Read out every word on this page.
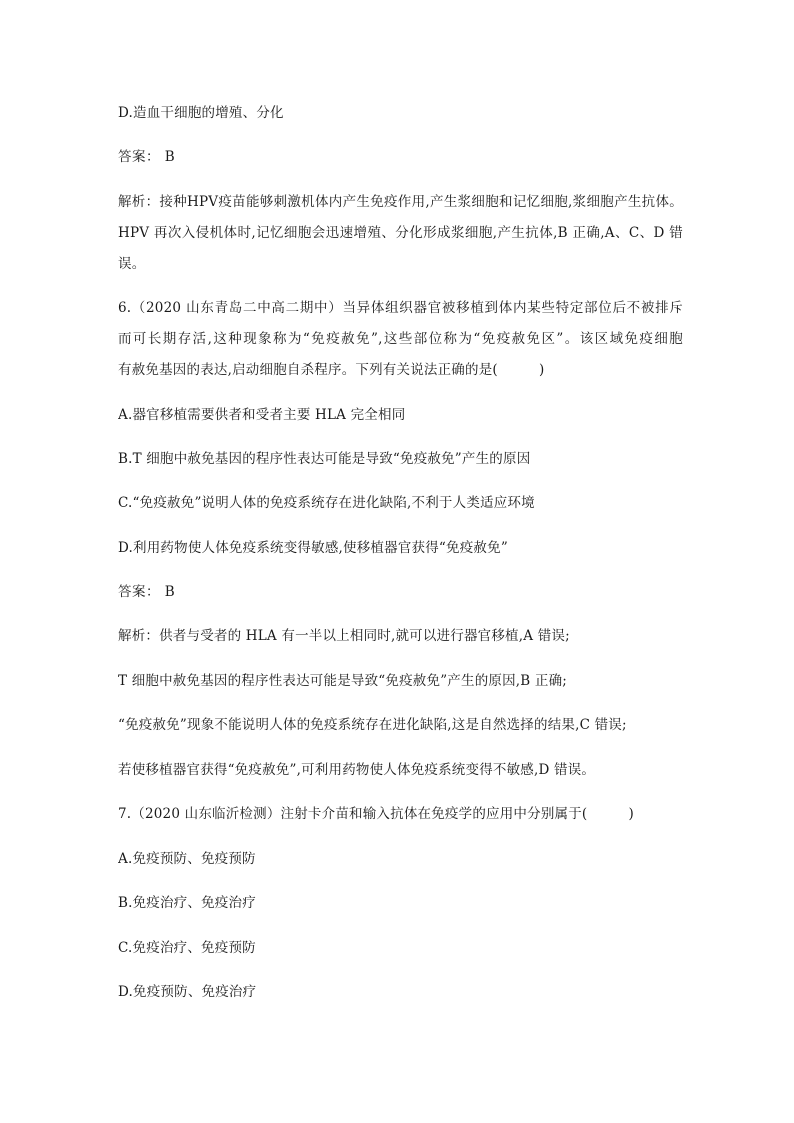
D.造血干细胞的增殖、分化
答案： B
解析：接种HPV疫苗能够刺激机体内产生免疫作用,产生浆细胞和记忆细胞,浆细胞产生抗体。
HPV 再次入侵机体时,记忆细胞会迅速增殖、分化形成浆细胞,产生抗体,B 正确,A、C、D 错
误。
6.（2020 山东青岛二中高二期中）当异体组织器官被移植到体内某些特定部位后不被排斥
而可长期存活,这种现象称为“免疫赦免”,这些部位称为“免疫赦免区”。该区域免疫细胞
有赦免基因的表达,启动细胞自杀程序。下列有关说法正确的是(　　　)
A.器官移植需要供者和受者主要 HLA 完全相同
B.T 细胞中赦免基因的程序性表达可能是导致“免疫赦免”产生的原因
C.“免疫赦免”说明人体的免疫系统存在进化缺陷,不利于人类适应环境
D.利用药物使人体免疫系统变得敏感,使移植器官获得“免疫赦免”
答案： B
解析：供者与受者的 HLA 有一半以上相同时,就可以进行器官移植,A 错误;
T 细胞中赦免基因的程序性表达可能是导致“免疫赦免”产生的原因,B 正确;
“免疫赦免”现象不能说明人体的免疫系统存在进化缺陷,这是自然选择的结果,C 错误;
若使移植器官获得“免疫赦免”,可利用药物使人体免疫系统变得不敏感,D 错误。
7.（2020 山东临沂检测）注射卡介苗和输入抗体在免疫学的应用中分别属于(　　　)
A.免疫预防、免疫预防
B.免疫治疗、免疫治疗
C.免疫治疗、免疫预防
D.免疫预防、免疫治疗
